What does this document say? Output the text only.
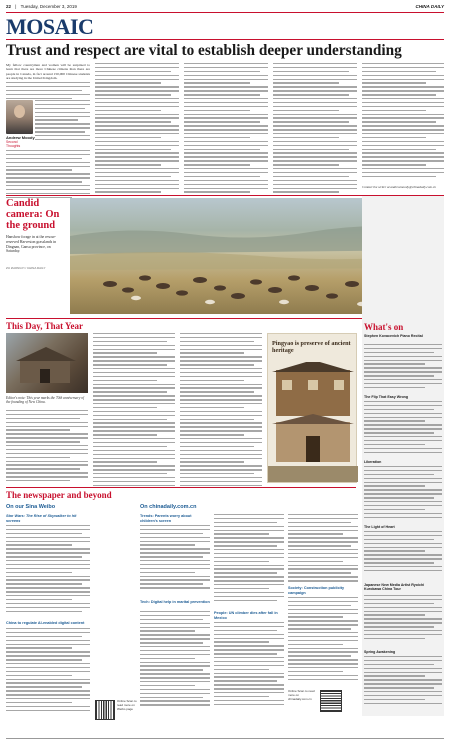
22 | Tuesday, December 3, 2019	CHINA DAILY
MOSAIC
Trust and respect are vital to establish deeper understanding
My fellow countrymen and women will be surprised to learn that there are more Chinese citizens than there are people in Canada, in fact around 150,000 Chinese students are studying in the United Kingdom.
Andrew Moody
Second Thoughts
Contact the writer at andrewmoody@chinadaily.com.cn
Candid camera: On the ground
Hanshow forage in at the rescue-reserved Harveston grasslands in Dingnan, Gansu province, on Saturday.
ZU ZHONGYI / CHINA DAILY
This Day, That Year
Editor's note: This year marks the 70th anniversary of the founding of New China.
Pingyao is preserve of ancient heritage
What's on
Stephen Kovacevich Piano Recital
The Flip That Easy Wrong
Liberation
The Light of Heart
Japanese New Media Artist Ryoichi Kurokawa China Tour
Spring Awakening
The newspaper and beyond
On our Sina Weibo	On chinadaily.com.cn
Star Wars: The Rise of Skywalker to hit screens
China to regulate AI-enabled digital content
Online Scan to read more on Weibo page
Trends: Parents worry about children's screen
Tech: Digital help in marital prevention
People: UN climber dies after fall in Mexico
Society: Construction publicity campaign
Online Scan to read more on chinadaily.com.cn
